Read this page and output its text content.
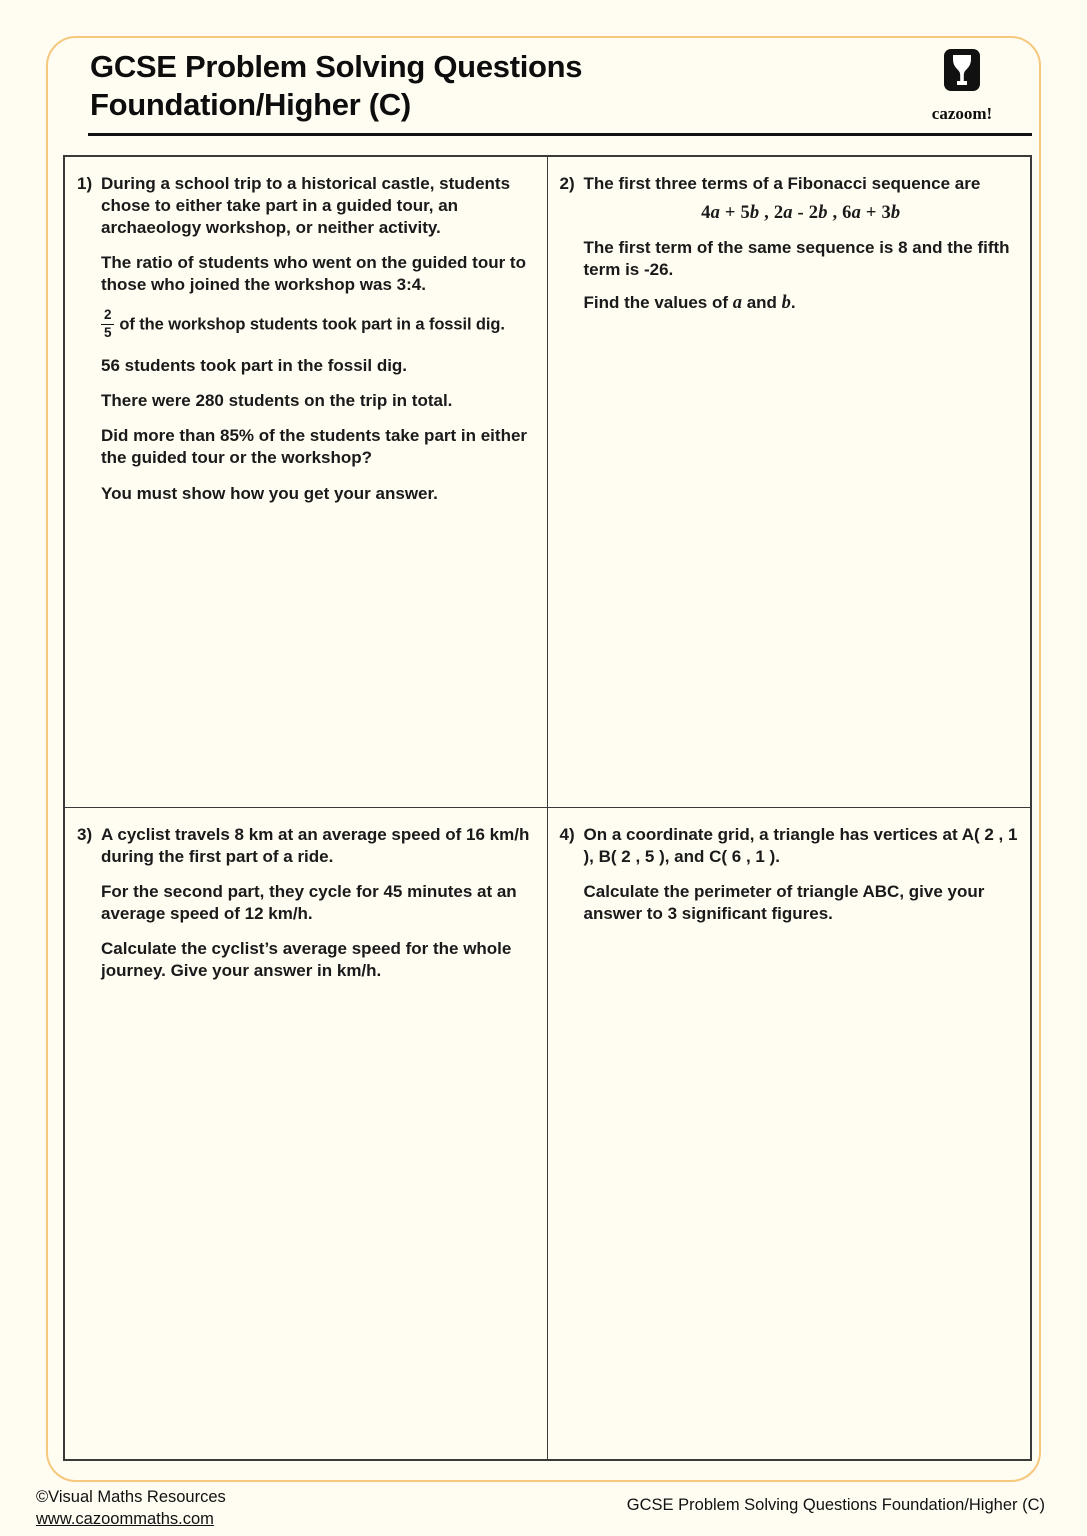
GCSE Problem Solving Questions
Foundation/Higher (C)	cazoom!
1) During a school trip to a historical castle, students chose to either take part in a guided tour, an archaeology workshop, or neither activity.

The ratio of students who went on the guided tour to those who joined the workshop was 3:4.

$\frac{2}{5}$ of the workshop students took part in a fossil dig.

56 students took part in the fossil dig.

There were 280 students on the trip in total.

Did more than 85% of the students take part in either the guided tour or the workshop?

You must show how you get your answer.

2) The first three terms of a Fibonacci sequence are

4a + 5b , 2a - 2b , 6a + 3b

The first term of the same sequence is 8 and the fifth term is -26.

Find the values of a and b.

3) A cyclist travels 8 km at an average speed of 16 km/h during the first part of a ride.

For the second part, they cycle for 45 minutes at an average speed of 12 km/h.

Calculate the cyclist’s average speed for the whole journey. Give your answer in km/h.

4) On a coordinate grid, a triangle has vertices at A( 2 , 1 ), B( 2 , 5 ), and C( 6 , 1 ).

Calculate the perimeter of triangle ABC, give your answer to 3 significant figures.

©Visual Maths Resources
www.cazoommaths.com
GCSE Problem Solving Questions Foundation/Higher (C)
